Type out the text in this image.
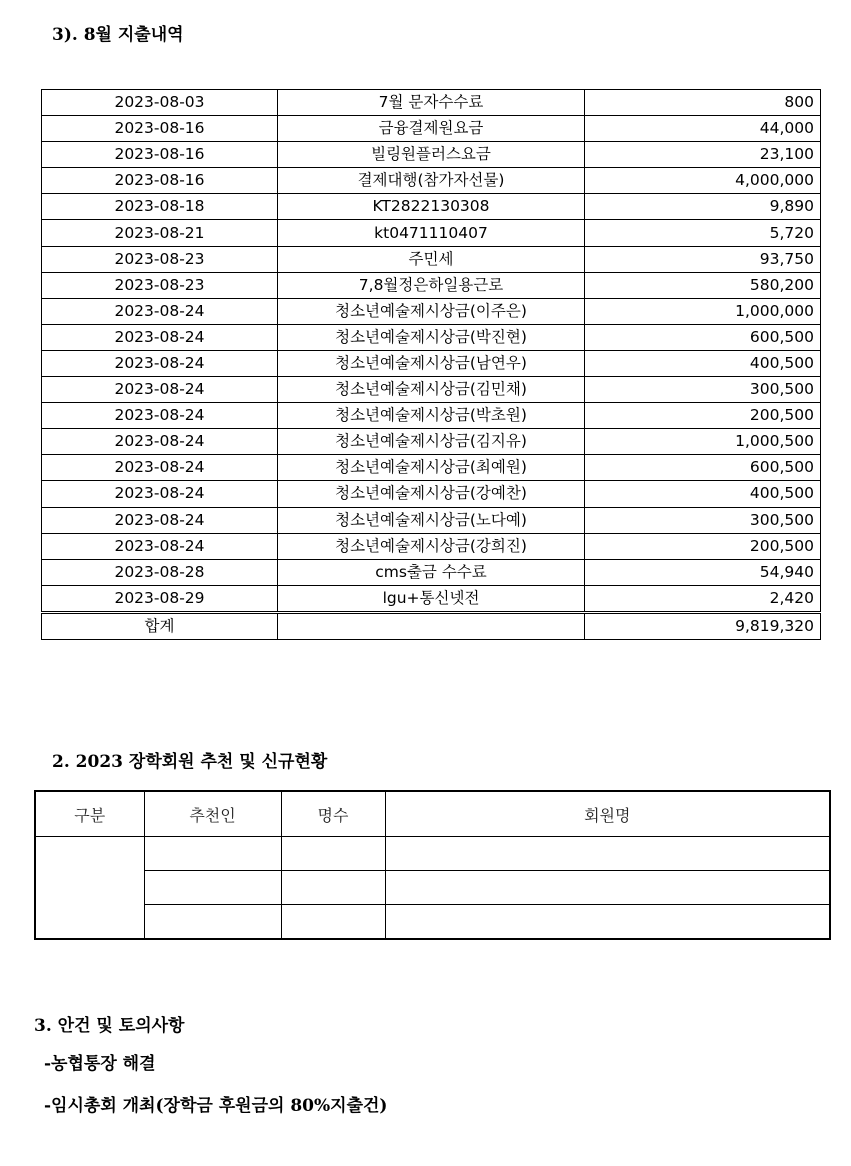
3). 8월 지출내역
2023-08-03	7월 문자수수료	800
2023-08-16	금융결제원요금	44,000
2023-08-16	빌링원플러스요금	23,100
2023-08-16	결제대행(참가자선물)	4,000,000
2023-08-18	KT2822130308	9,890
2023-08-21	kt0471110407	5,720
2023-08-23	주민세	93,750
2023-08-23	7,8월정은하일용근로	580,200
2023-08-24	청소년예술제시상금(이주은)	1,000,000
2023-08-24	청소년예술제시상금(박진현)	600,500
2023-08-24	청소년예술제시상금(남연우)	400,500
2023-08-24	청소년예술제시상금(김민채)	300,500
2023-08-24	청소년예술제시상금(박초원)	200,500
2023-08-24	청소년예술제시상금(김지유)	1,000,500
2023-08-24	청소년예술제시상금(최예원)	600,500
2023-08-24	청소년예술제시상금(강예찬)	400,500
2023-08-24	청소년예술제시상금(노다예)	300,500
2023-08-24	청소년예술제시상금(강희진)	200,500
2023-08-28	cms출금 수수료	54,940
2023-08-29	lgu+통신넷전	2,420
합계		9,819,320
2. 2023 장학회원 추천 및 신규현황
구분	추천인	명수	회원명

3. 안건 및 토의사항
-농협통장 해결
-임시총회 개최(장학금 후원금의 80%지출건)
